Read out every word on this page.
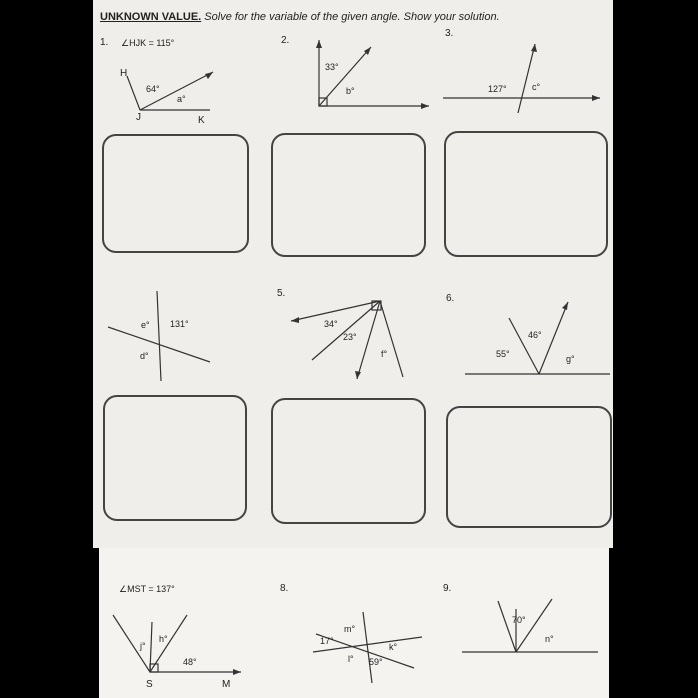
UNKNOWN VALUE. Solve for the variable of the given angle. Show your solution.
1. ∠HJK = 115°
H
J	K
64°
a°
2.
33°
b°
3.
127°	c°
e° 131°
d°
5.
34°
23°
f°
6.
46°
55°	g°
∠MST = 137°
h°
j°
48°
S	M
8.
m°
17°
k°
l° 59°
9.
70°
n°
